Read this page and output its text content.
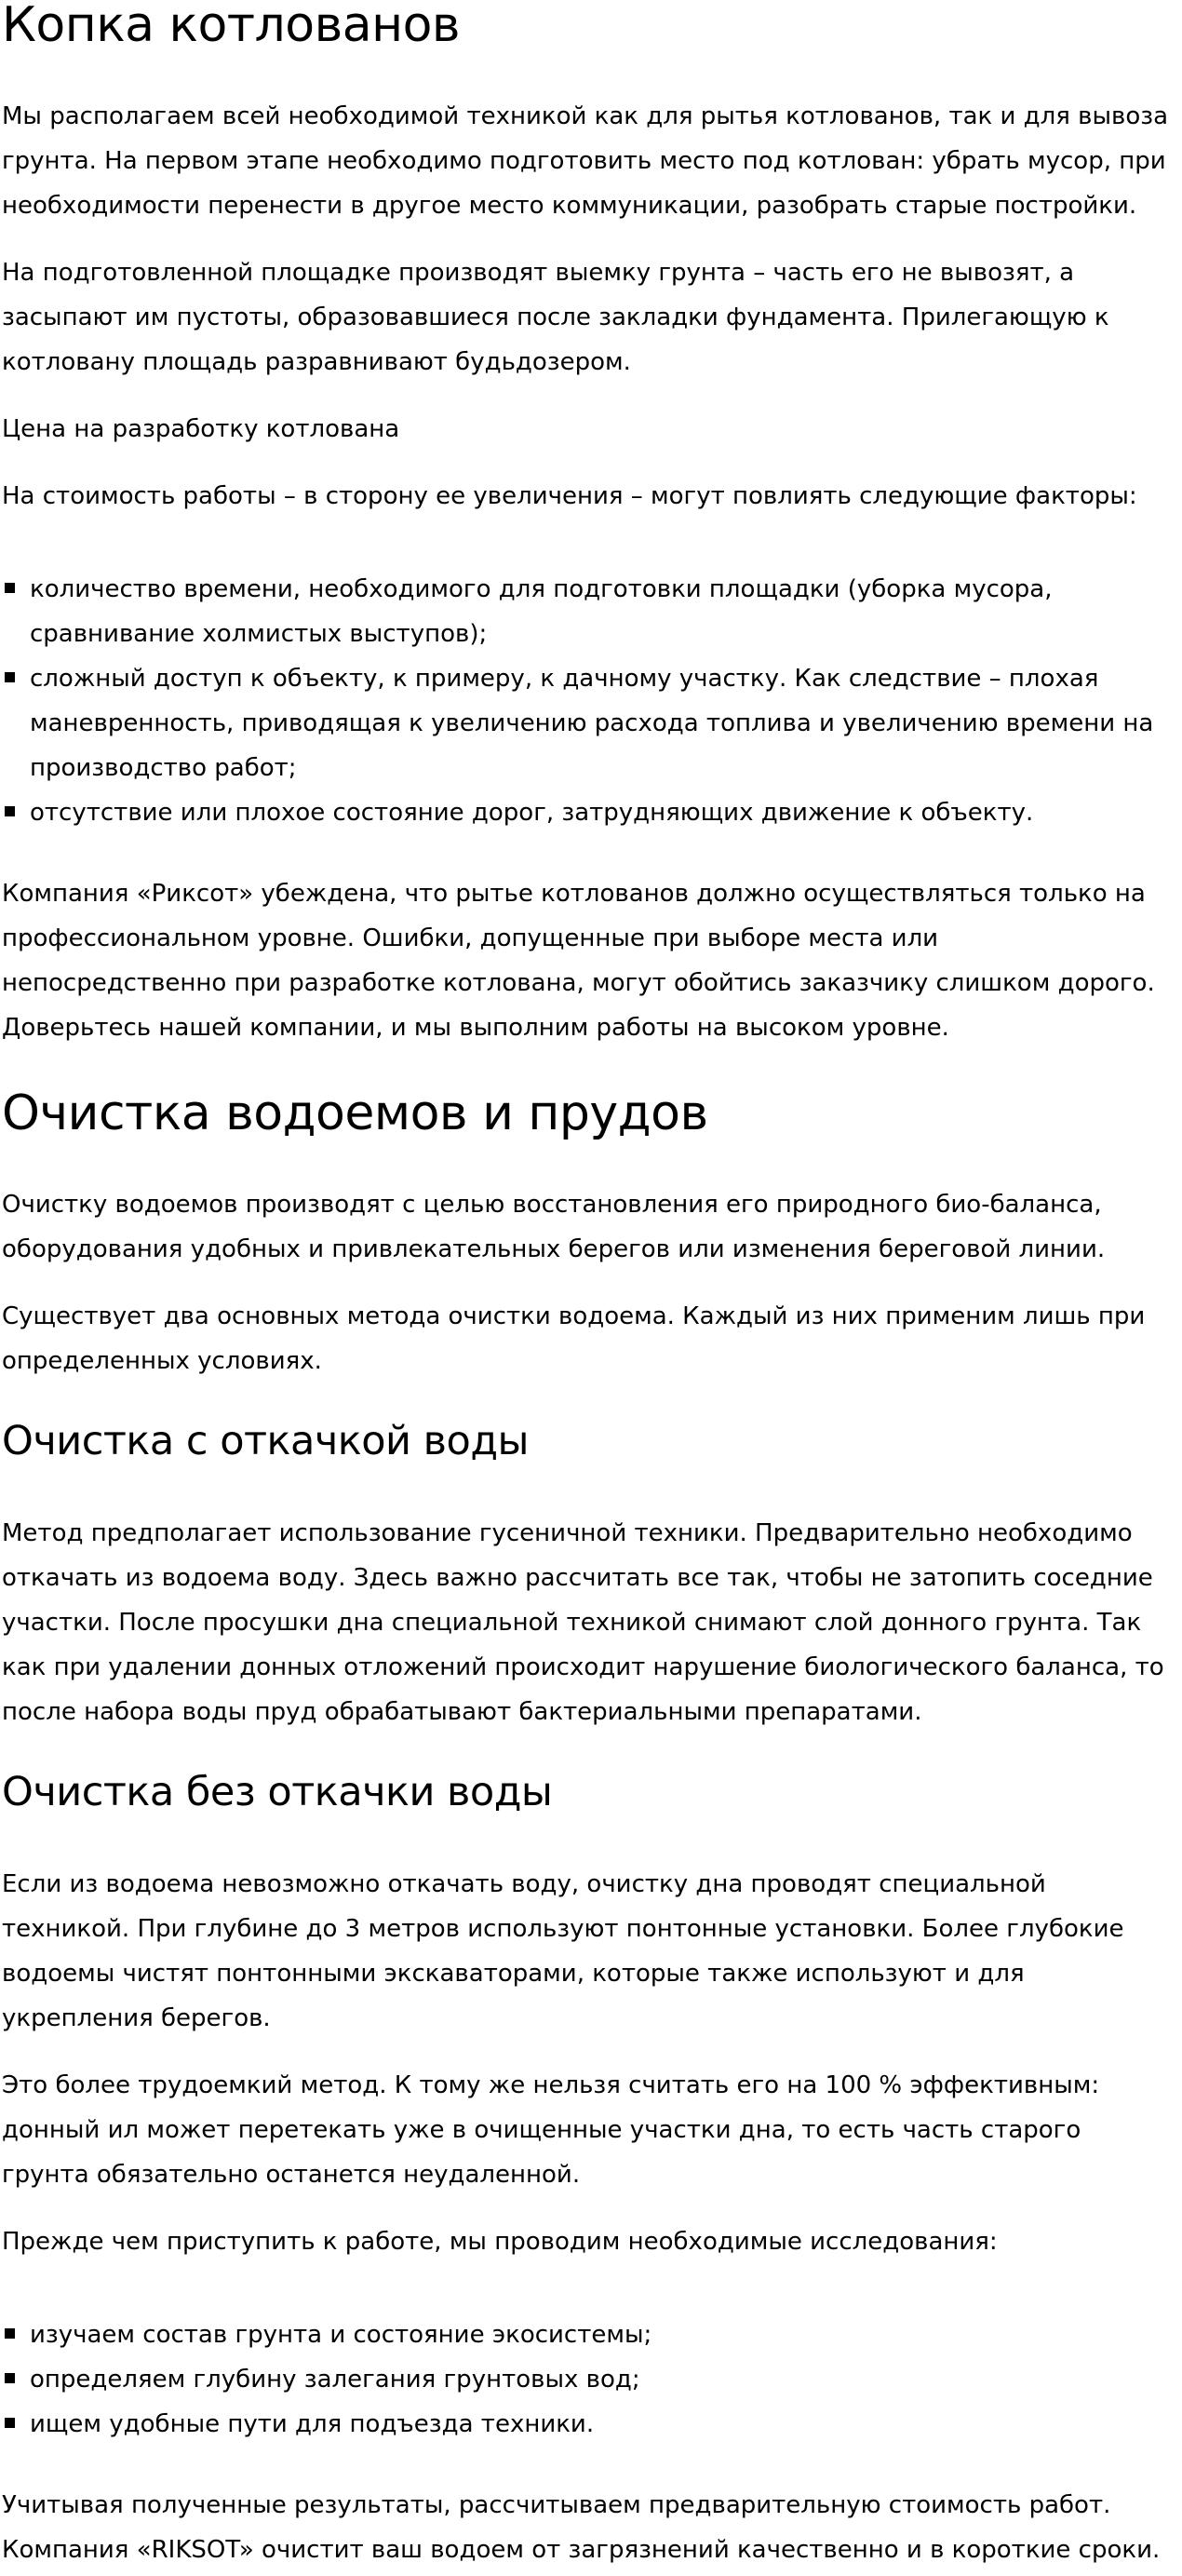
Копка котлованов

Мы располагаем всей необходимой техникой как для рытья котлованов, так и для вывоза грунта. На первом этапе необходимо подготовить место под котлован: убрать мусор, при необходимости перенести в другое место коммуникации, разобрать старые постройки.

На подготовленной площадке производят выемку грунта – часть его не вывозят, а засыпают им пустоты, образовавшиеся после закладки фундамента. Прилегающую к котловану площадь разравнивают будьдозером.

Цена на разработку котлована

На стоимость работы – в сторону ее увеличения – могут повлиять следующие факторы:

количество времени, необходимого для подготовки площадки (уборка мусора, сравнивание холмистых выступов);
сложный доступ к объекту, к примеру, к дачному участку. Как следствие – плохая маневренность, приводящая к увеличению расхода топлива и увеличению времени на производство работ;
отсутствие или плохое состояние дорог, затрудняющих движение к объекту.

Компания «Риксот» убеждена, что рытье котлованов должно осуществляться только на профессиональном уровне. Ошибки, допущенные при выборе места или непосредственно при разработке котлована, могут обойтись заказчику слишком дорого. Доверьтесь нашей компании, и мы выполним работы на высоком уровне.

Очистка водоемов и прудов

Очистку водоемов производят с целью восстановления его природного био-баланса, оборудования удобных и привлекательных берегов или изменения береговой линии.

Существует два основных метода очистки водоема. Каждый из них применим лишь при определенных условиях.

Очистка с откачкой воды

Метод предполагает использование гусеничной техники. Предварительно необходимо откачать из водоема воду. Здесь важно рассчитать все так, чтобы не затопить соседние участки. После просушки дна специальной техникой снимают слой донного грунта. Так как при удалении донных отложений происходит нарушение биологического баланса, то после набора воды пруд обрабатывают бактериальными препаратами.

Очистка без откачки воды

Если из водоема невозможно откачать воду, очистку дна проводят специальной техникой. При глубине до 3 метров используют понтонные установки. Более глубокие водоемы чистят понтонными экскаваторами, которые также используют и для укрепления берегов.

Это более трудоемкий метод. К тому же нельзя считать его на 100 % эффективным: донный ил может перетекать уже в очищенные участки дна, то есть часть старого грунта обязательно останется неудаленной.

Прежде чем приступить к работе, мы проводим необходимые исследования:

изучаем состав грунта и состояние экосистемы;
определяем глубину залегания грунтовых вод;
ищем удобные пути для подъезда техники.

Учитывая полученные результаты, рассчитываем предварительную стоимость работ.

Компания «RIKSOT» очистит ваш водоем от загрязнений качественно и в короткие сроки.
